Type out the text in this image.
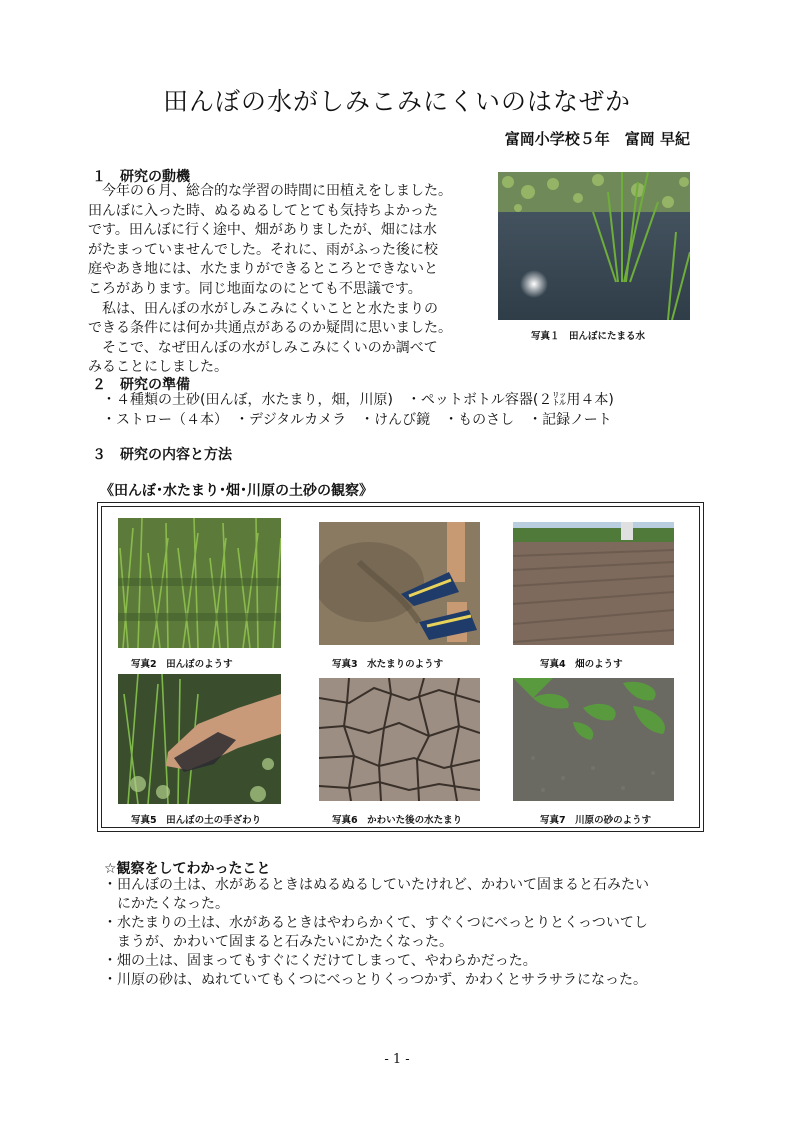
田んぼの水がしみこみにくいのはなぜか
富岡小学校５年　富岡 早紀
１　研究の動機

　今年の６月、総合的な学習の時間に田植えをしました。

田んぼに入った時、ぬるぬるしてとても気持ちよかった

です。田んぼに行く途中、畑がありましたが、畑には水

がたまっていませんでした。それに、雨がふった後に校

庭やあき地には、水たまりができるところとできないと

ころがあります。同じ地面なのにとても不思議です。

　私は、田んぼの水がしみこみにくいことと水たまりの

できる条件には何か共通点があるのか疑問に思いました。

　そこで、なぜ田んぼの水がしみこみにくいのか調べて

みることにしました。

写真１　田んぼにたまる水
２　研究の準備

・４種類の土砂(田んぼ，水たまり，畑，川原)　・ペットボトル容器(２㍑用４本)

・ストロー（４本）　・デジタルカメラ　・けんび鏡　・ものさし　・記録ノート

３　研究の内容と方法
《田んぼ･水たまり･畑･川原の土砂の観察》
写真2　田んぼのようす	写真3　水たまりのようす	写真4　畑のようす
写真5　田んぼの土の手ざわり	写真6　かわいた後の水たまり	写真7　川原の砂のようす
☆観察をしてわかったこと

・田んぼの土は、水があるときはぬるぬるしていたけれど、かわいて固まると石みたい

にかたくなった。

・水たまりの土は、水があるときはやわらかくて、すぐくつにべっとりとくっついてし

まうが、かわいて固まると石みたいにかたくなった。

・畑の土は、固まってもすぐにくだけてしまって、やわらかだった。

・川原の砂は、ぬれていてもくつにべっとりくっつかず、かわくとサラサラになった。

- 1 -
